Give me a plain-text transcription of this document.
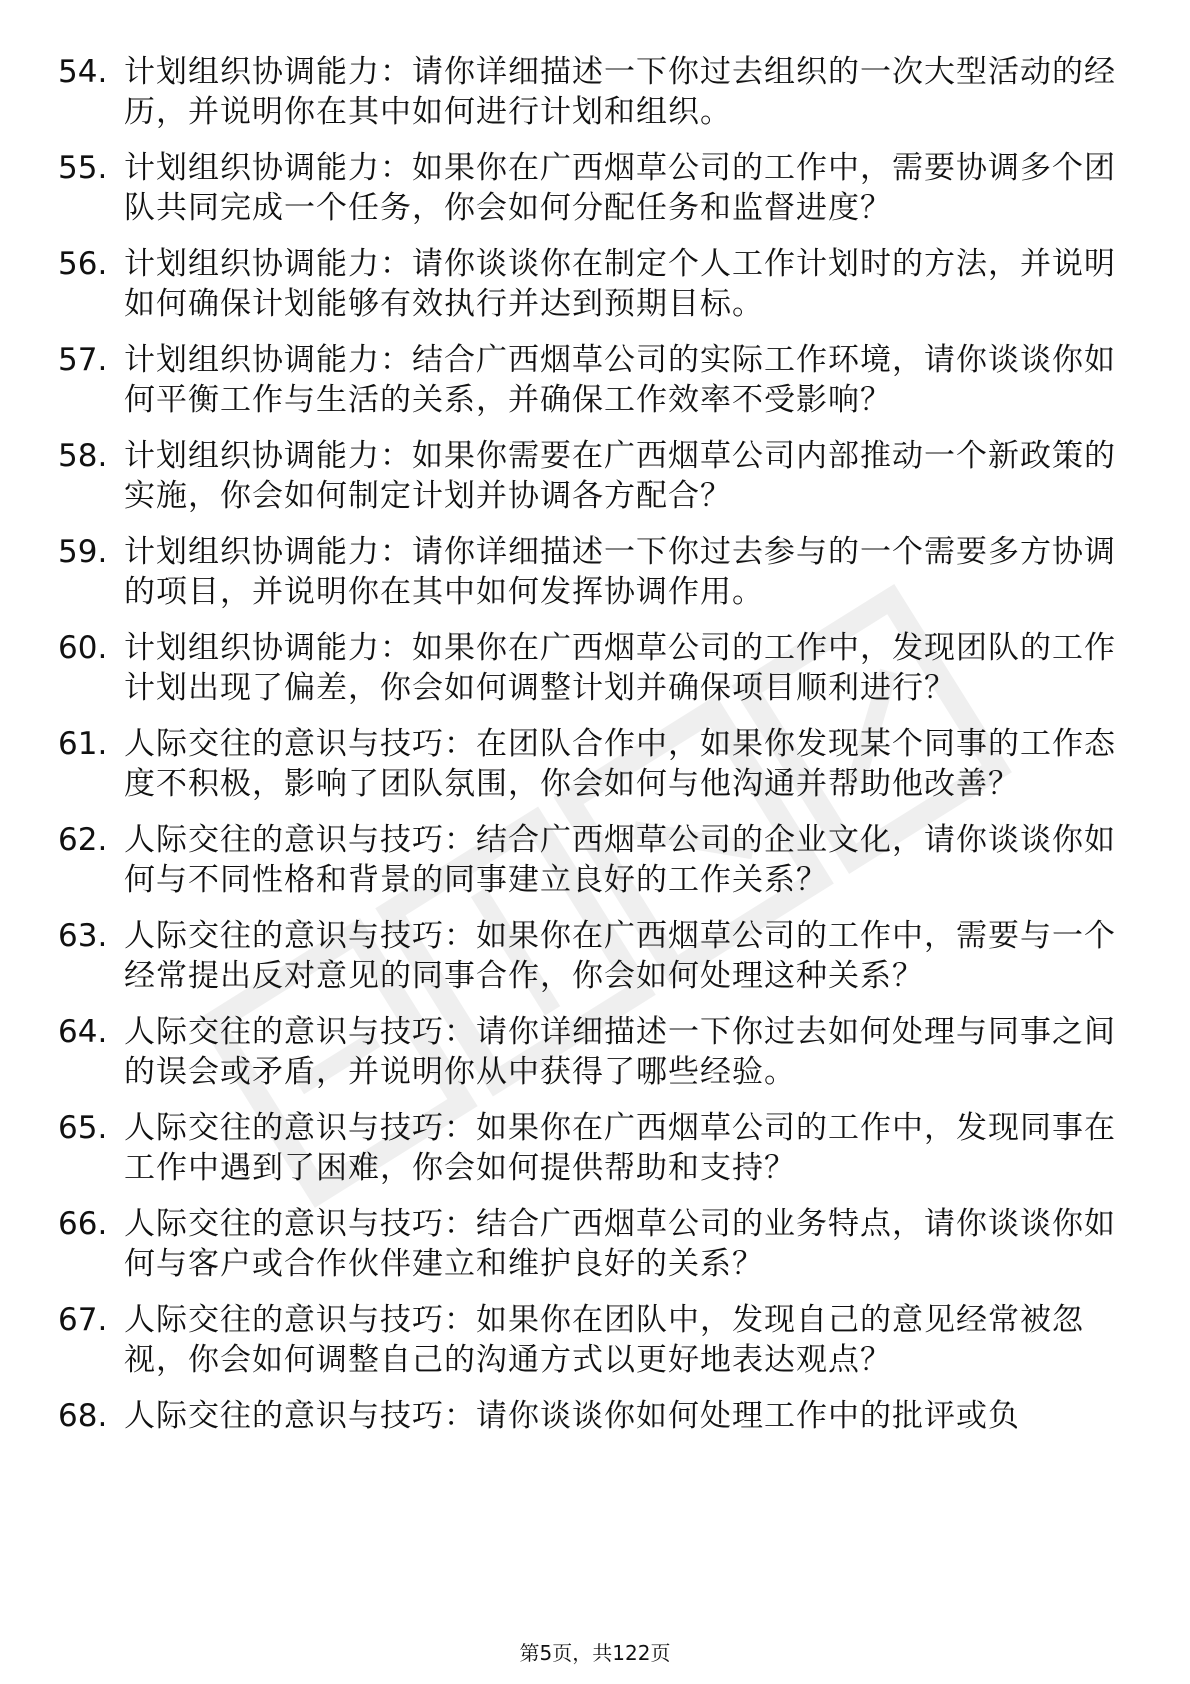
54. 计划组织协调能力：请你详细描述一下你过去组织的一次大型活动的经历，并说明你在其中如何进行计划和组织。
55. 计划组织协调能力：如果你在广西烟草公司的工作中，需要协调多个团队共同完成一个任务，你会如何分配任务和监督进度？
56. 计划组织协调能力：请你谈谈你在制定个人工作计划时的方法，并说明如何确保计划能够有效执行并达到预期目标。
57. 计划组织协调能力：结合广西烟草公司的实际工作环境，请你谈谈你如何平衡工作与生活的关系，并确保工作效率不受影响？
58. 计划组织协调能力：如果你需要在广西烟草公司内部推动一个新政策的实施，你会如何制定计划并协调各方配合？
59. 计划组织协调能力：请你详细描述一下你过去参与的一个需要多方协调的项目，并说明你在其中如何发挥协调作用。
60. 计划组织协调能力：如果你在广西烟草公司的工作中，发现团队的工作计划出现了偏差，你会如何调整计划并确保项目顺利进行？
61. 人际交往的意识与技巧：在团队合作中，如果你发现某个同事的工作态度不积极，影响了团队氛围，你会如何与他沟通并帮助他改善？
62. 人际交往的意识与技巧：结合广西烟草公司的企业文化，请你谈谈你如何与不同性格和背景的同事建立良好的工作关系？
63. 人际交往的意识与技巧：如果你在广西烟草公司的工作中，需要与一个经常提出反对意见的同事合作，你会如何处理这种关系？
64. 人际交往的意识与技巧：请你详细描述一下你过去如何处理与同事之间的误会或矛盾，并说明你从中获得了哪些经验。
65. 人际交往的意识与技巧：如果你在广西烟草公司的工作中，发现同事在工作中遇到了困难，你会如何提供帮助和支持？
66. 人际交往的意识与技巧：结合广西烟草公司的业务特点，请你谈谈你如何与客户或合作伙伴建立和维护良好的关系？
67. 人际交往的意识与技巧：如果你在团队中，发现自己的意见经常被忽视，你会如何调整自己的沟通方式以更好地表达观点？
68. 人际交往的意识与技巧：请你谈谈你如何处理工作中的批评或负
第5页，共122页
